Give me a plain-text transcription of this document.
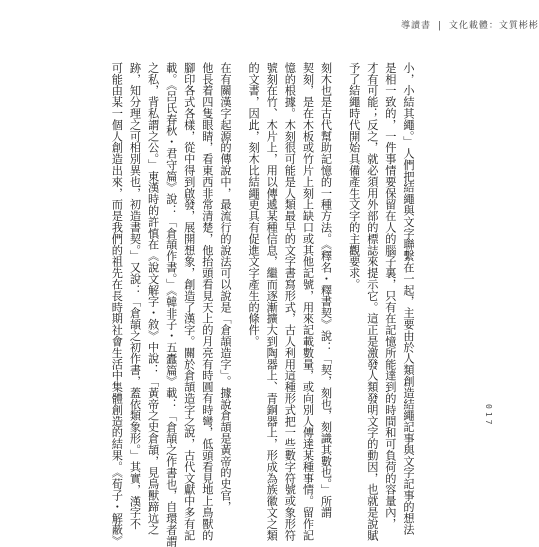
導讀書 | 文化載體：文質彬彬
小，小結其繩。」人們把結繩與文字聯繫在一起，主要由於人類創造結繩記事與文字記事的想法
是相一致的，一件事情要保留在人的腦子裏，只有在記憶所能達到的時間和可負荷的容量內，
才有可能；反之，就必須用外部的標誌來提示它。這正是激發人類發明文字的動因，也就是說賦
予了結繩時代開始具備產生文字的主觀要求。
刻木也是古代幫助記憶的一種方法。《釋名・釋書契》說：「契，刻也，刻識其數也。」所謂
契刻，是在木板或竹片上刻上缺口或其他記號，用來記載數量，或向別人傳達某種事情。留作記
憶的根據。木刻很可能是人類最早的文字書寫形式，古人利用這種形式把一些數字符號或象形符
號刻在竹、木片上，用以傳遞某種信息，繼而逐漸擴大到陶器上、青銅器上，形成為族徽文之類
的文書，因此，刻木比結繩更具有促進文字產生的條件。
在有關漢字起源的傳說中，最流行的說法可以說是「倉頡造字」。據說倉頡是黃帝的史官，
他長着四隻眼睛，看東西非常清楚，他抬頭看見天上的月亮有時圓有時彎，低頭看見地上鳥獸的
腳印各式各樣，從中得到啟發，展開想象，創造了漢字。關於倉頡造字之說，古代文獻中多有記
載。《呂氏春秋・君守篇》說：「倉頡作書。」《韓非子・五蠹篇》載：「倉頡之作書也，自環者謂
之私，背私謂之公。」東漢時的許慎在《說文解字・敘》中說：「黃帝之史倉頡，見鳥獸蹄迒之
跡，知分理之可相別異也，初造書契。」又說：「倉頡之初作書，蓋依類象形。」其實，漢字不
可能由某一個人創造出來，而是我們的祖先在長時期社會生活中集體創造的結果。《荀子・解蔽》	017
